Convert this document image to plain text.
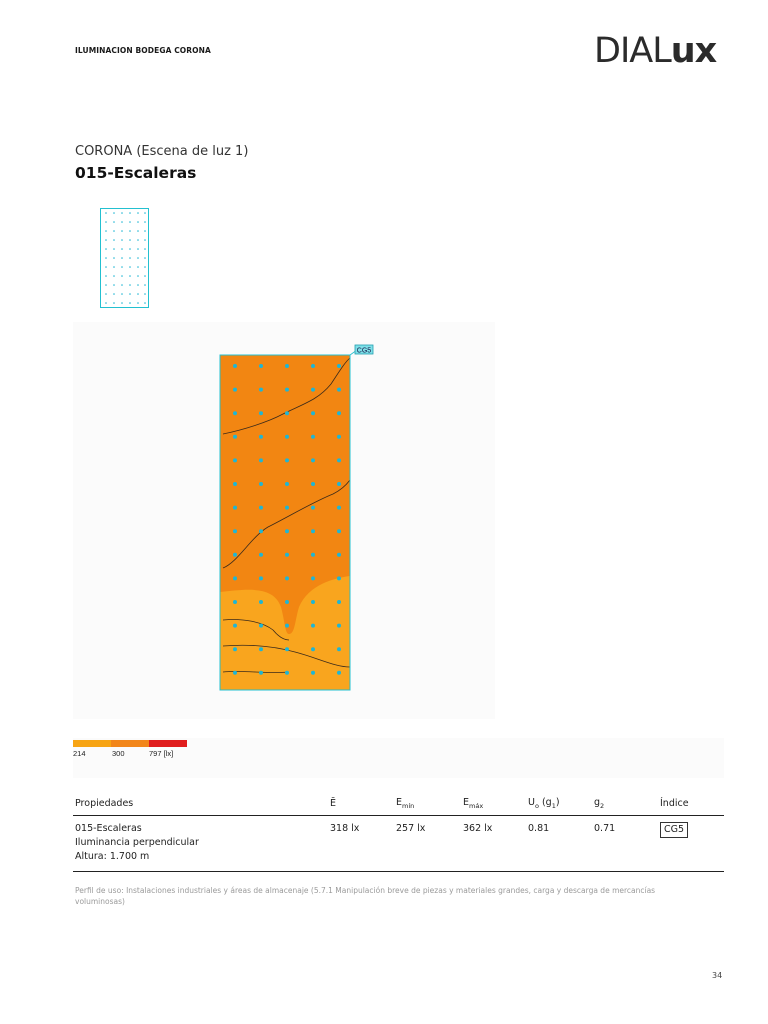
ILUMINACION BODEGA CORONA	DIALux
CORONA (Escena de luz 1)
015-Escaleras
CG5
214	300	797 [lx]
Propiedades	Ē	$E_{mín}$	$E_{máx}$	$U_o$ $(g_1)$	$g_2$	Índice

015-Escaleras
Iluminancia perpendicular
Altura: 1.700 m	318 lx	257 lx	362 lx	0.81	0.71	CG5
Perfil de uso: Instalaciones industriales y áreas de almacenaje (5.7.1 Manipulación breve de piezas y materiales grandes, carga y descarga de mercancías voluminosas)
34
